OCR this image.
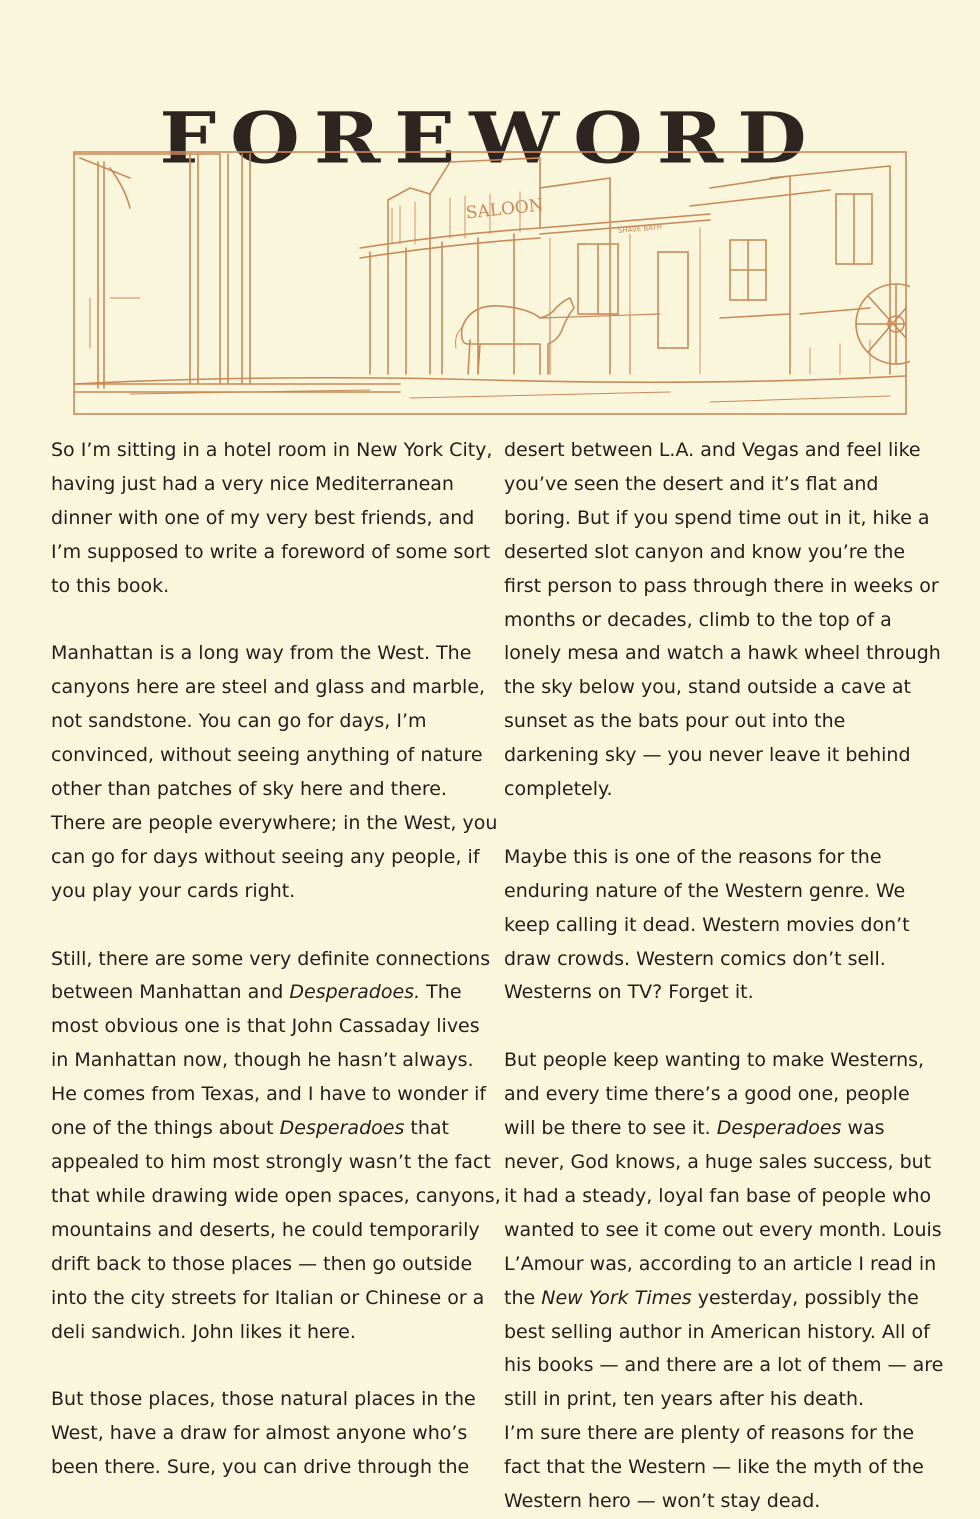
FOREWORD
SALOON
SHAVE BATH

So I’m sitting in a hotel room in New York City, having just had a very nice Mediterranean dinner with one of my very best friends, and I’m supposed to write a foreword of some sort to this book.

Manhattan is a long way from the West. The canyons here are steel and glass and marble, not sandstone. You can go for days, I’m convinced, without seeing anything of nature other than patches of sky here and there. There are people everywhere; in the West, you can go for days without seeing any people, if you play your cards right.

Still, there are some very definite connections between Manhattan and Desperadoes. The most obvious one is that John Cassaday lives in Manhattan now, though he hasn’t always. He comes from Texas, and I have to wonder if one of the things about Desperadoes that appealed to him most strongly wasn’t the fact that while drawing wide open spaces, canyons, mountains and deserts, he could temporarily drift back to those places — then go outside into the city streets for Italian or Chinese or a deli sandwich. John likes it here.

But those places, those natural places in the West, have a draw for almost anyone who’s been there. Sure, you can drive through the

desert between L.A. and Vegas and feel like you’ve seen the desert and it’s flat and boring. But if you spend time out in it, hike a deserted slot canyon and know you’re the first person to pass through there in weeks or months or decades, climb to the top of a lonely mesa and watch a hawk wheel through the sky below you, stand outside a cave at sunset as the bats pour out into the darkening sky — you never leave it behind completely.

Maybe this is one of the reasons for the enduring nature of the Western genre. We keep calling it dead. Western movies don’t draw crowds. Western comics don’t sell. Westerns on TV? Forget it.

But people keep wanting to make Westerns, and every time there’s a good one, people will be there to see it. Desperadoes was never, God knows, a huge sales success, but it had a steady, loyal fan base of people who wanted to see it come out every month. Louis L’Amour was, according to an article I read in the New York Times yesterday, possibly the best selling author in American history. All of his books — and there are a lot of them — are still in print, ten years after his death.

I’m sure there are plenty of reasons for the fact that the Western — like the myth of the Western hero — won’t stay dead.
